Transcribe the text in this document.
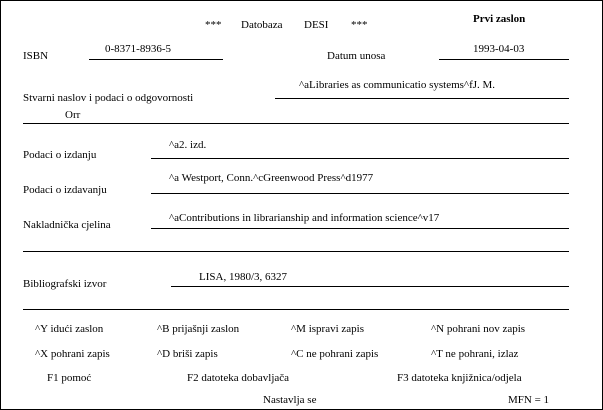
*** Datobaza DESI ***	Prvi zaslon
ISBN
0-8371-8936-5
Datum unosa
1993-04-03
Stvarni naslov i podaci o odgovornosti
^aLibraries as communicatio systems^fJ. M.
Orr
Podaci o izdanju
^a2. izd.
Podaci o izdavanju
^a Westport, Conn.^cGreenwood Press^d1977
Nakladnička cjelina
^aContributions in librarianship and information science^v17
Bibliografski izvor
LISA, 1980/3, 6327
^Y idući zaslon	^B prijašnji zaslon	^M ispravi zapis	^N pohrani nov zapis
^X pohrani zapis	^D briši zapis	^C ne pohrani zapis	^T ne pohrani, izlaz
F1 pomoć	F2 datoteka dobavljača	F3 datoteka knjižnica/odjela
Nastavlja se	MFN = 1
